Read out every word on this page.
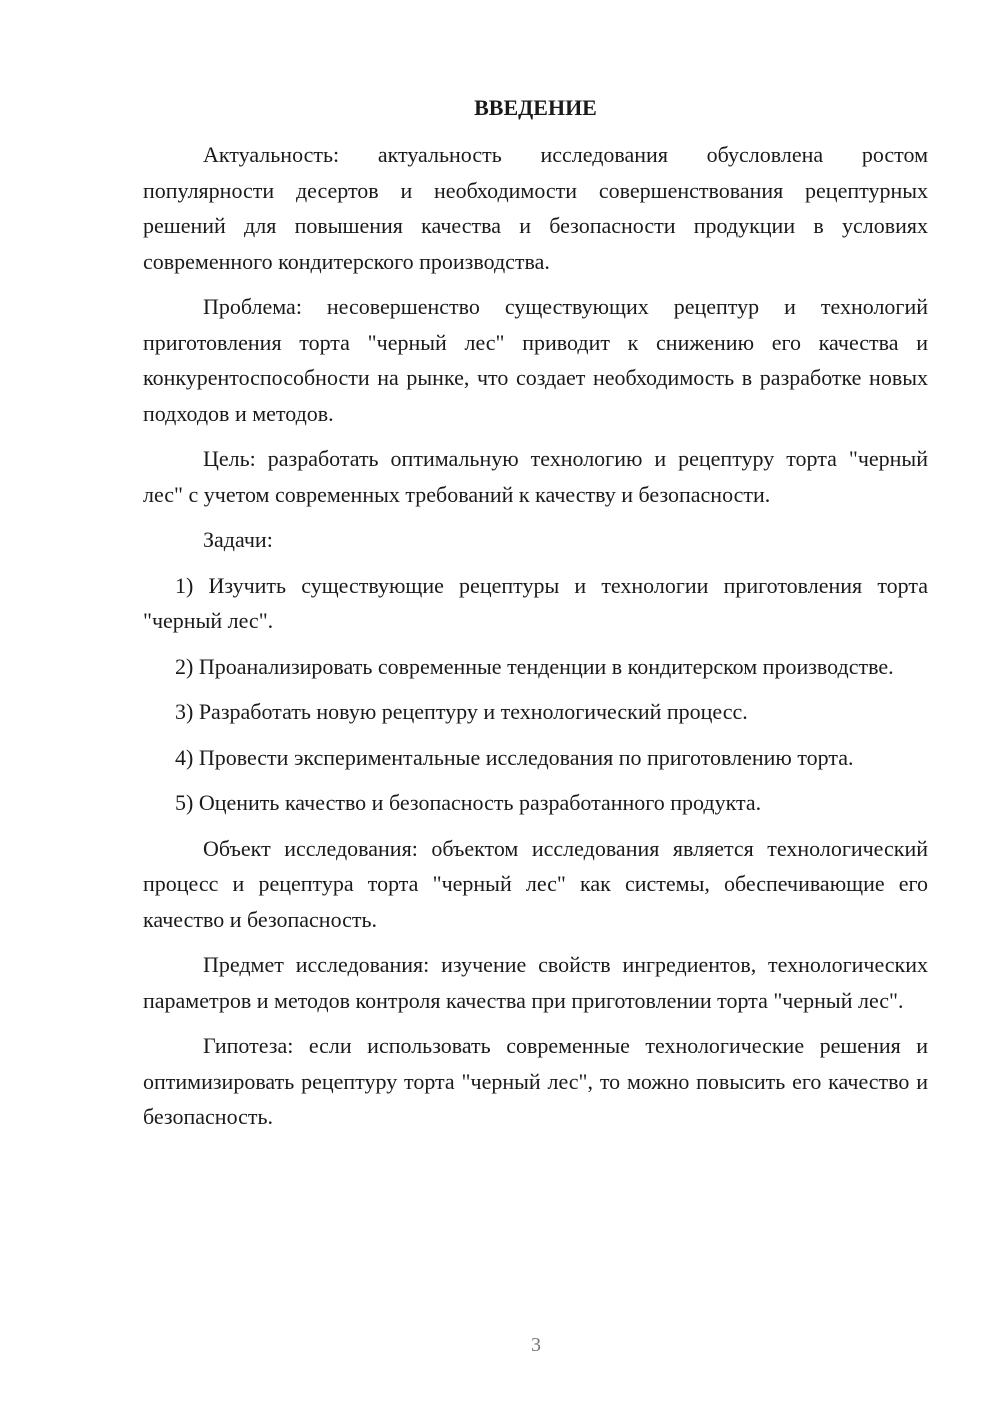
ВВЕДЕНИЕ

Актуальность: актуальность исследования обусловлена ростом популярности десертов и необходимости совершенствования рецептурных решений для повышения качества и безопасности продукции в условиях современного кондитерского производства.

Проблема: несовершенство существующих рецептур и технологий приготовления торта "черный лес" приводит к снижению его качества и конкурентоспособности на рынке, что создает необходимость в разработке новых подходов и методов.

Цель: разработать оптимальную технологию и рецептуру торта "черный лес" с учетом современных требований к качеству и безопасности.

Задачи:

1) Изучить существующие рецептуры и технологии приготовления торта "черный лес".

2) Проанализировать современные тенденции в кондитерском производстве.

3) Разработать новую рецептуру и технологический процесс.

4) Провести экспериментальные исследования по приготовлению торта.

5) Оценить качество и безопасность разработанного продукта.

Объект исследования: объектом исследования является технологический процесс и рецептура торта "черный лес" как системы, обеспечивающие его качество и безопасность.

Предмет исследования: изучение свойств ингредиентов, технологических параметров и методов контроля качества при приготовлении торта "черный лес".

Гипотеза: если использовать современные технологические решения и оптимизировать рецептуру торта "черный лес", то можно повысить его качество и безопасность.

3
